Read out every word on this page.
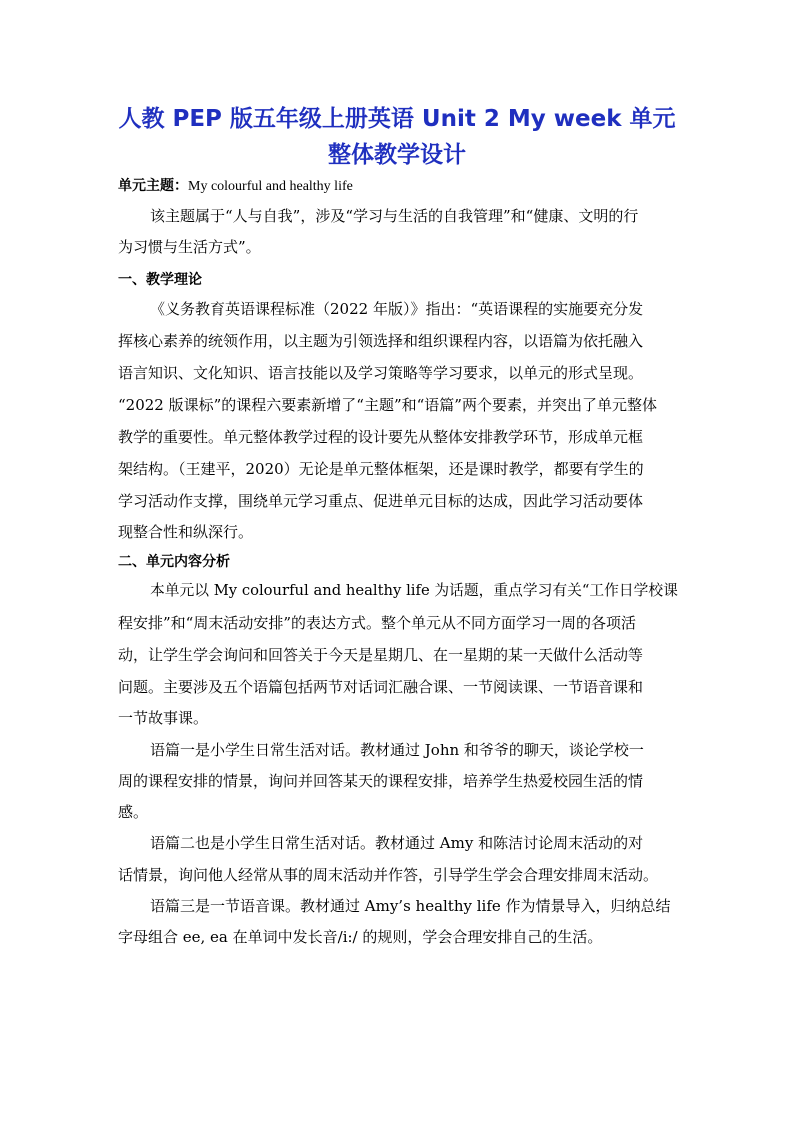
人教 PEP 版五年级上册英语 Unit 2 My week 单元
整体教学设计
单元主题：My colourful and healthy life
该主题属于“人与自我”，涉及“学习与生活的自我管理”和“健康、文明的行
为习惯与生活方式”。
一、教学理论
《义务教育英语课程标准（2022 年版）》指出：“英语课程的实施要充分发
挥核心素养的统领作用，以主题为引领选择和组织课程内容，以语篇为依托融入
语言知识、文化知识、语言技能以及学习策略等学习要求，以单元的形式呈现。
“2022 版课标”的课程六要素新增了“主题”和“语篇”两个要素，并突出了单元整体
教学的重要性。单元整体教学过程的设计要先从整体安排教学环节，形成单元框
架结构。（王建平，2020）无论是单元整体框架，还是课时教学，都要有学生的
学习活动作支撑，围绕单元学习重点、促进单元目标的达成，因此学习活动要体
现整合性和纵深行。
二、单元内容分析
本单元以 My colourful and healthy life 为话题，重点学习有关“工作日学校课
程安排”和“周末活动安排”的表达方式。整个单元从不同方面学习一周的各项活
动，让学生学会询问和回答关于今天是星期几、在一星期的某一天做什么活动等
问题。主要涉及五个语篇包括两节对话词汇融合课、一节阅读课、一节语音课和
一节故事课。
语篇一是小学生日常生活对话。教材通过 John 和爷爷的聊天，谈论学校一
周的课程安排的情景，询问并回答某天的课程安排，培养学生热爱校园生活的情
感。
语篇二也是小学生日常生活对话。教材通过 Amy 和陈洁讨论周末活动的对
话情景，询问他人经常从事的周末活动并作答，引导学生学会合理安排周末活动。
语篇三是一节语音课。教材通过 Amy’s healthy life 作为情景导入，归纳总结
字母组合 ee, ea 在单词中发长音/i:/ 的规则，学会合理安排自己的生活。
